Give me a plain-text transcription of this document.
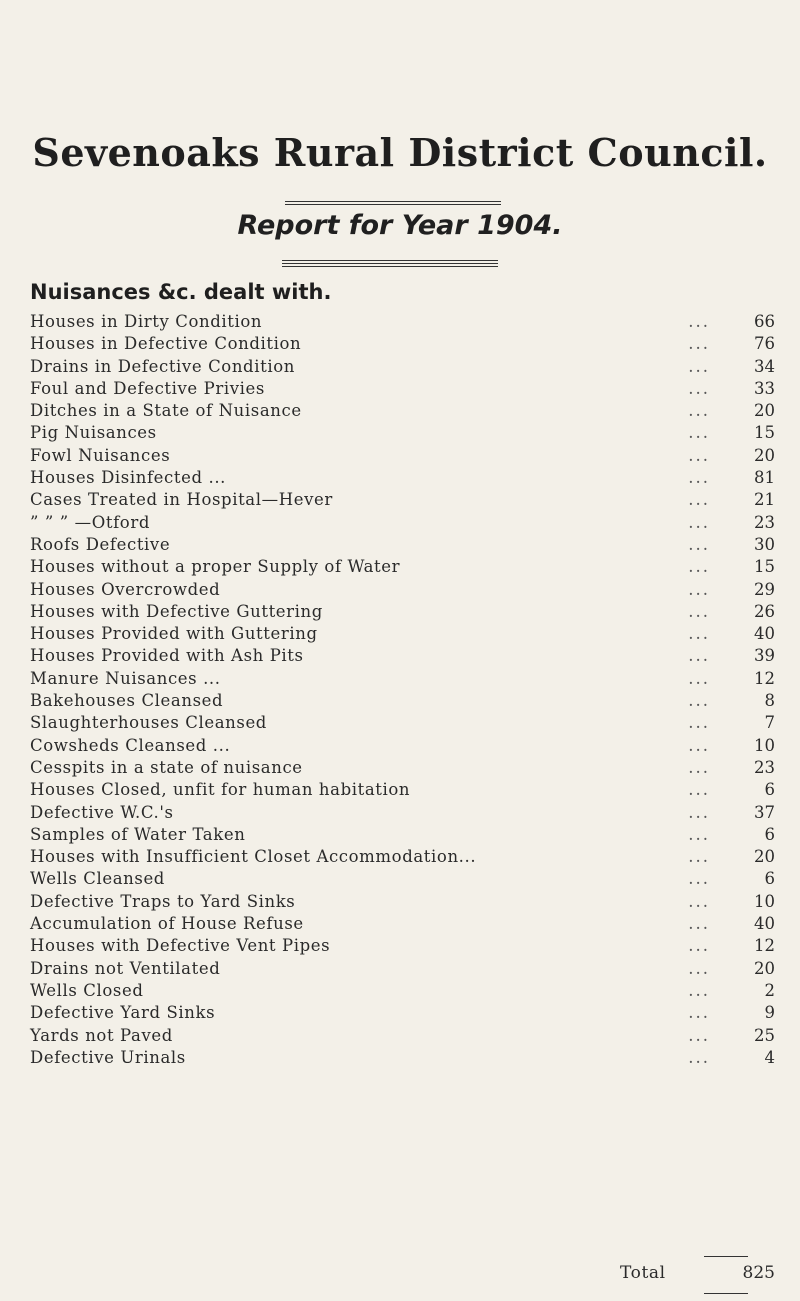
Sevenoaks Rural District Council.
Report for Year 1904.
Nuisances &c. dealt with.
Houses in Dirty Condition	...	66
Houses in Defective Condition	...	76
Drains in Defective Condition	...	34
Foul and Defective Privies	...	33
Ditches in a State of Nuisance	...	20
Pig Nuisances	...	15
Fowl Nuisances	...	20
Houses Disinfected ...	...	81
Cases Treated in Hospital—Hever	...	21
” ” ” —Otford	...	23
Roofs Defective	...	30
Houses without a proper Supply of Water	...	15
Houses Overcrowded	...	29
Houses with Defective Guttering	...	26
Houses Provided with Guttering	...	40
Houses Provided with Ash Pits	...	39
Manure Nuisances ...	...	12
Bakehouses Cleansed	...	8
Slaughterhouses Cleansed	...	7
Cowsheds Cleansed ...	...	10
Cesspits in a state of nuisance	...	23
Houses Closed, unfit for human habitation	...	6
Defective W.C.'s	...	37
Samples of Water Taken	...	6
Houses with Insufficient Closet Accommodation...	...	20
Wells Cleansed	...	6
Defective Traps to Yard Sinks	...	10
Accumulation of House Refuse	...	40
Houses with Defective Vent Pipes	...	12
Drains not Ventilated	...	20
Wells Closed	...	2
Defective Yard Sinks	...	9
Yards not Paved	...	25
Defective Urinals	...	4
Total	825
